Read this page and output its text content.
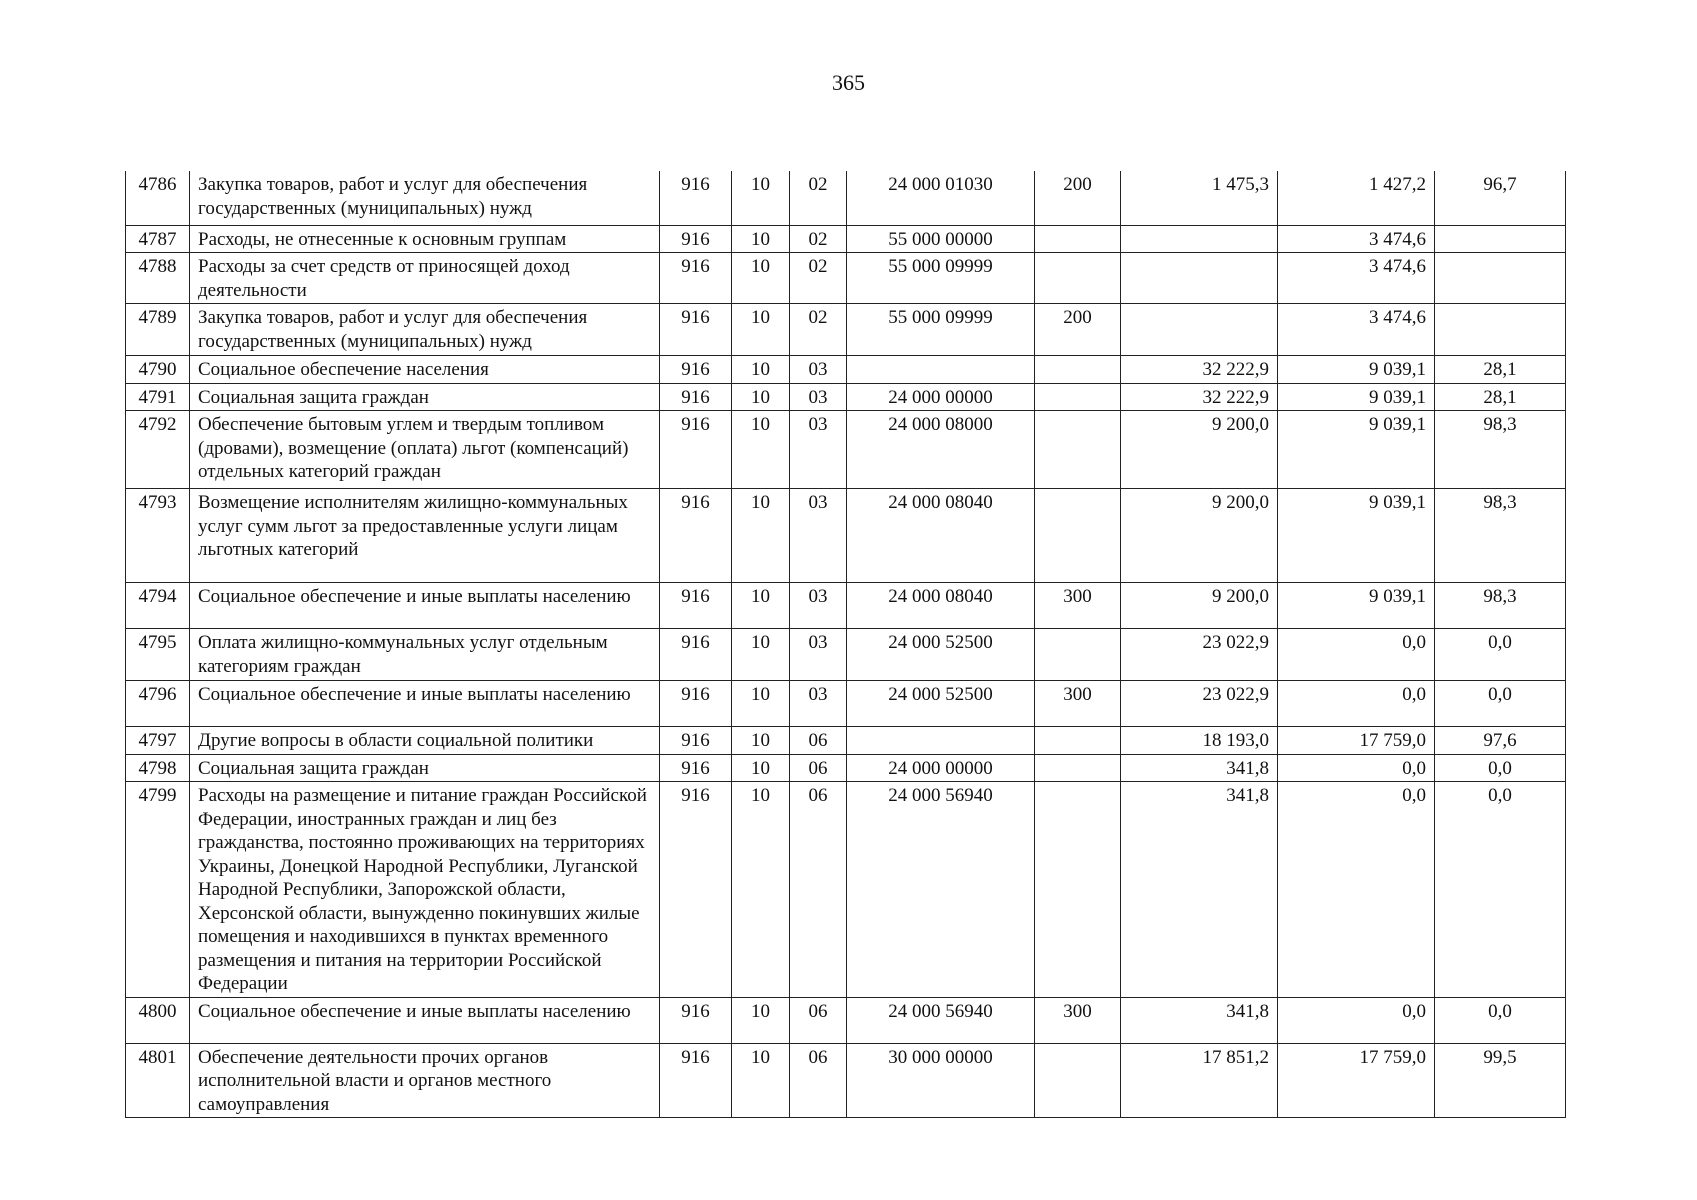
365
4786	Закупка товаров, работ и услуг для обеспечения государственных (муниципальных) нужд	916	10	02	24 000 01030	200	1 475,3	1 427,2	96,7
4787	Расходы, не отнесенные к основным группам	916	10	02	55 000 00000			3 474,6	
4788	Расходы за счет средств от приносящей доход деятельности	916	10	02	55 000 09999			3 474,6	
4789	Закупка товаров, работ и услуг для обеспечения государственных (муниципальных) нужд	916	10	02	55 000 09999	200		3 474,6	
4790	Социальное обеспечение населения	916	10	03			32 222,9	9 039,1	28,1
4791	Социальная защита граждан	916	10	03	24 000 00000		32 222,9	9 039,1	28,1
4792	Обеспечение бытовым углем и твердым топливом (дровами), возмещение (оплата) льгот (компенсаций) отдельных категорий граждан	916	10	03	24 000 08000		9 200,0	9 039,1	98,3
4793	Возмещение исполнителям жилищно-коммунальных услуг сумм льгот за предоставленные услуги лицам льготных категорий	916	10	03	24 000 08040		9 200,0	9 039,1	98,3
4794	Социальное обеспечение и иные выплаты населению	916	10	03	24 000 08040	300	9 200,0	9 039,1	98,3
4795	Оплата жилищно-коммунальных услуг отдельным категориям граждан	916	10	03	24 000 52500		23 022,9	0,0	0,0
4796	Социальное обеспечение и иные выплаты населению	916	10	03	24 000 52500	300	23 022,9	0,0	0,0
4797	Другие вопросы в области социальной политики	916	10	06			18 193,0	17 759,0	97,6
4798	Социальная защита граждан	916	10	06	24 000 00000		341,8	0,0	0,0
4799	Расходы на размещение и питание граждан Российской Федерации, иностранных граждан и лиц без гражданства, постоянно проживающих на территориях Украины, Донецкой Народной Республики, Луганской Народной Республики, Запорожской области, Херсонской области, вынужденно покинувших жилые помещения и находившихся в пунктах временного размещения и питания на территории Российской Федерации	916	10	06	24 000 56940		341,8	0,0	0,0
4800	Социальное обеспечение и иные выплаты населению	916	10	06	24 000 56940	300	341,8	0,0	0,0
4801	Обеспечение деятельности прочих органов исполнительной власти и органов местного самоуправления	916	10	06	30 000 00000		17 851,2	17 759,0	99,5
